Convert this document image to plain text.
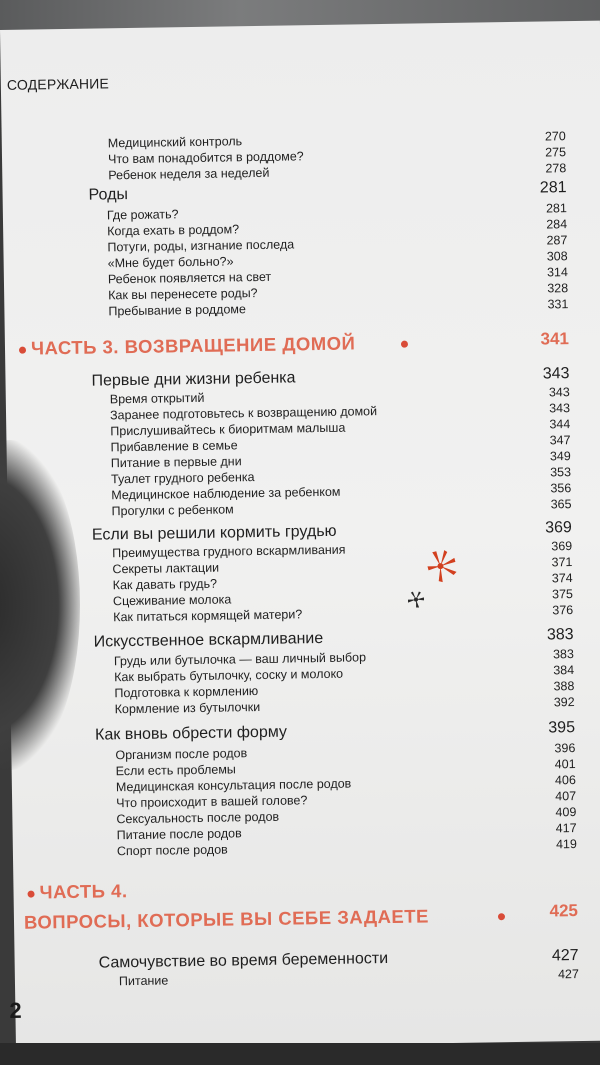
СОДЕРЖАНИЕ
Медицинский контроль	270
Что вам понадобится в роддоме?	275
Ребенок неделя за неделей	278
Роды	281
Где рожать?	281
Когда ехать в роддом?	284
Потуги, роды, изгнание последа	287
«Мне будет больно?»	308
Ребенок появляется на свет	314
Как вы перенесете роды?	328
Пребывание в роддоме	331
ЧАСТЬ 3. ВОЗВРАЩЕНИЕ ДОМОЙ	341
Первые дни жизни ребенка	343
Время открытий	343
Заранее подготовьтесь к возвращению домой	343
Прислушивайтесь к биоритмам малыша	344
Прибавление в семье	347
Питание в первые дни	349
Туалет грудного ребенка	353
Медицинское наблюдение за ребенком	356
Прогулки с ребенком	365
Если вы решили кормить грудью	369
Преимущества грудного вскармливания	369
Секреты лактации	371
Как давать грудь?	374
Сцеживание молока	375
Как питаться кормящей матери?	376
Искусственное вскармливание	383
Грудь или бутылочка — ваш личный выбор	383
Как выбрать бутылочку, соску и молоко	384
Подготовка к кормлению	388
Кормление из бутылочки	392
Как вновь обрести форму	395
Организм после родов	396
Если есть проблемы	401
Медицинская консультация после родов	406
Что происходит в вашей голове?	407
Сексуальность после родов	409
Питание после родов	417
Спорт после родов	419
ЧАСТЬ 4.
ВОПРОСЫ, КОТОРЫЕ ВЫ СЕБЕ ЗАДАЕТЕ	425
Самочувствие во время беременности	427
Питание	427
2
